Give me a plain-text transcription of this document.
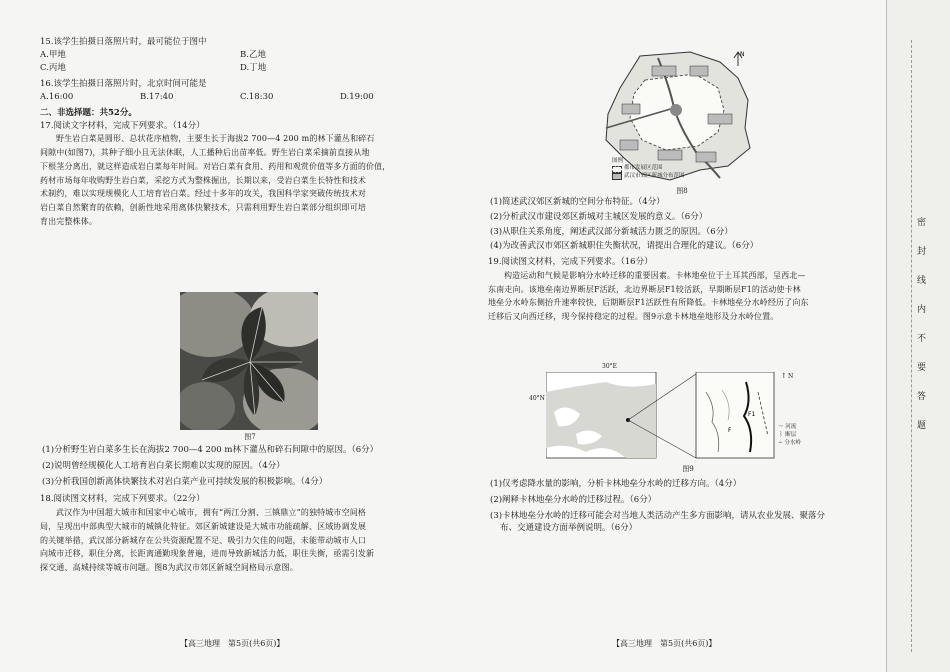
15.该学生拍摄日落照片时，最可能位于图中

A.甲地	B.乙地
C.丙地	D.丁地

16.该学生拍摄日落照片时，北京时间可能是

A.16:00	B.17:40	C.18:30	D.19:00

二、非选择题：共52分。

17.阅读文字材料，完成下列要求。（14分）

野生岩白菜是圆形、总状花序植物，主要生长于海拔2 700—4 200 m的林下灌丛和碎石

间隙中(如图7)，其种子细小且无法休眠，人工播种后出苗率低。野生岩白菜采摘前直接从地

下根茎分离出，就这样造成岩白菜每年时间。对岩白菜有食用、药用和观赏价值等多方面的价值，

药材市场每年收购野生岩白菜，采挖方式为整株掘出，长期以来，受岩白菜生长特性和技术

术制约，难以实现规模化人工培育岩白菜。经过十多年的攻关，我国科学家突破传统技术对

岩白菜自然繁育的依赖，创新性地采用离体快繁技术，只需利用野生岩白菜部分组织即可培

育出完整株体。

图7

(1)分析野生岩白菜多生长在海拔2 700—4 200 m林下灌丛和碎石间隙中的原因。（6分）

(2)说明曾经规模化人工培育岩白菜长期难以实现的原因。（4分）

(3)分析我国创新离体快繁技术对岩白菜产业可持续发展的积极影响。（4分）

18.阅读图文材料，完成下列要求。（22分）

武汉作为中国超大城市和国家中心城市，拥有“两江分割、三镇鼎立”的独特城市空间格

局，呈现出中部典型大城市的城镇化特征。郊区新城建设是大城市功能疏解、区域协调发展

的关键举措，武汉部分新城存在公共资源配置不足、吸引力欠佳的问题，未能带动城市人口

向城市迁移，职住分离，长距离通勤现象普遍，进而导致新城活力低，职住失衡，亟需引发新

探交通、高城持续等城市问题。图8为武汉市郊区新城空间格局示意图。

N
图例
都市发展区范围
武汉市郊区新城分布范围

图8

(1)简述武汉郊区新城的空间分布特征。（4分）

(2)分析武汉市建设郊区新城对主城区发展的意义。（6分）

(3)从职住关系角度，阐述武汉部分新城活力匮乏的原因。（6分）

(4)为改善武汉市郊区新城职住失衡状况，请提出合理化的建议。（6分）

19.阅读图文材料，完成下列要求。（16分）

构造运动和气候是影响分水岭迁移的重要因素。卡林地垒位于土耳其西部，呈西北—

东南走向。该地垒南边界断层F活跃，北边界断层F1较活跃，早期断层F1的活动使卡林

地垒分水岭东侧抬升速率较快，后期断层F1活跃性有所降低。卡林地垒分水岭经历了向东

迁移后又向西迁移，现今保持稳定的过程。图9示意卡林地垒地形及分水岭位置。

F1
F
30°E
40°N
↑ N
〜 河流
⌇ 断层
∼ 分水岭

图9

(1)仅考虑降水量的影响，分析卡林地垒分水岭的迁移方向。（4分）

(2)阐释卡林地垒分水岭的迁移过程。（6分）

(3)卡林地垒分水岭的迁移可能会对当地人类活动产生多方面影响，请从农业发展、聚落分

布、交通建设方面举例说明。（6分）

【高三地理　第5页(共6页)】	【高三地理　第5页(共6页)】
密
封
线
内
不
要
答
题
